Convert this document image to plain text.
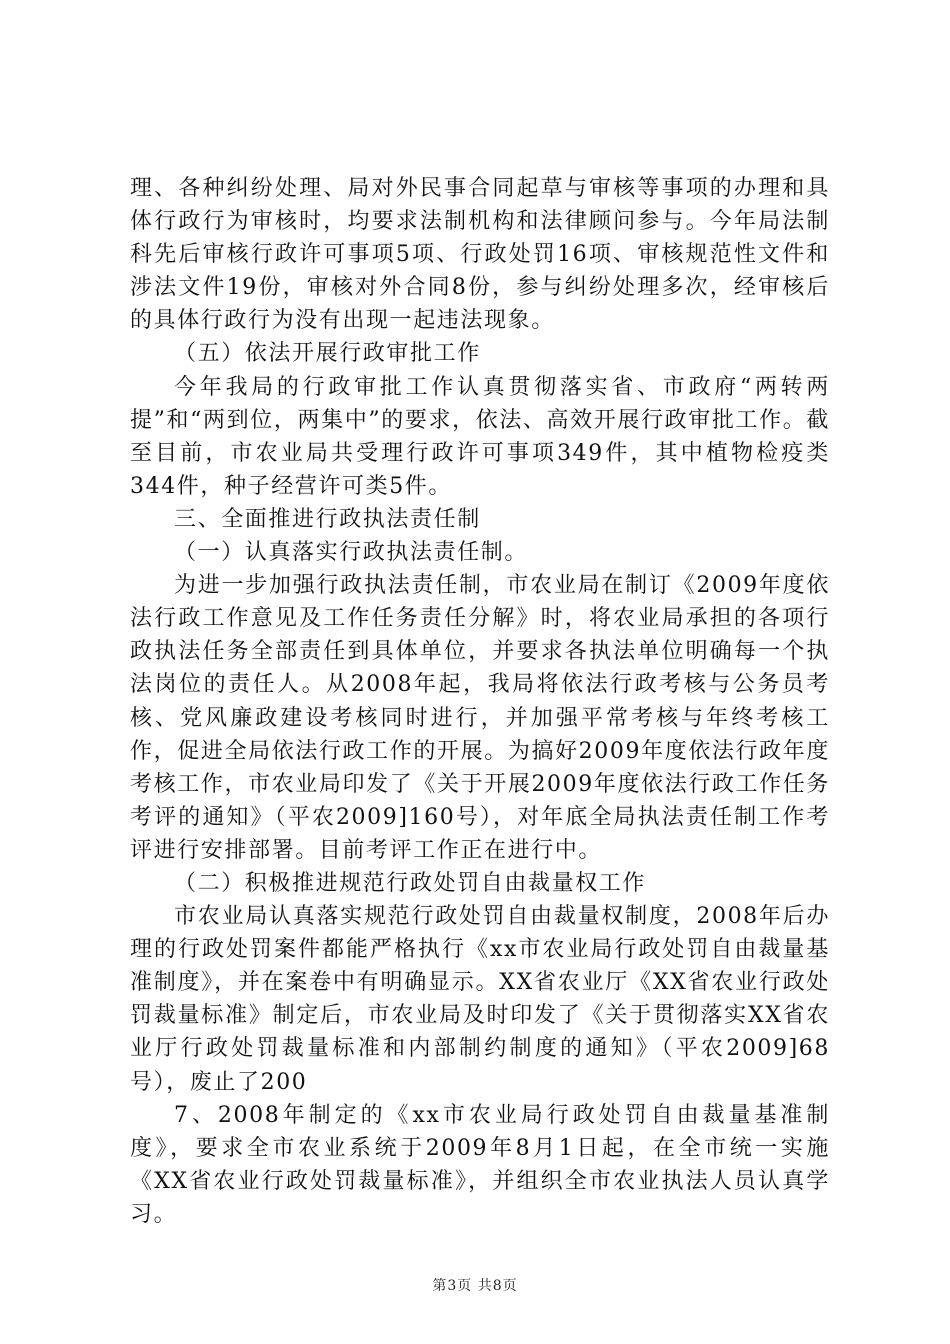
理、各种纠纷处理、局对外民事合同起草与审核等事项的办理和具体行政行为审核时，均要求法制机构和法律顾问参与。今年局法制科先后审核行政许可事项5项、行政处罚16项、审核规范性文件和涉法文件19份，审核对外合同8份，参与纠纷处理多次，经审核后的具体行政行为没有出现一起违法现象。

（五）依法开展行政审批工作

今年我局的行政审批工作认真贯彻落实省、市政府“两转两提”和“两到位，两集中”的要求，依法、高效开展行政审批工作。截至目前，市农业局共受理行政许可事项349件，其中植物检疫类344件，种子经营许可类5件。

三、全面推进行政执法责任制

（一）认真落实行政执法责任制。

为进一步加强行政执法责任制，市农业局在制订《2009年度依法行政工作意见及工作任务责任分解》时，将农业局承担的各项行政执法任务全部责任到具体单位，并要求各执法单位明确每一个执法岗位的责任人。从2008年起，我局将依法行政考核与公务员考核、党风廉政建设考核同时进行，并加强平常考核与年终考核工作，促进全局依法行政工作的开展。为搞好2009年度依法行政年度考核工作，市农业局印发了《关于开展2009年度依法行政工作任务考评的通知》（平农2009]160号），对年底全局执法责任制工作考评进行安排部署。目前考评工作正在进行中。

（二）积极推进规范行政处罚自由裁量权工作

市农业局认真落实规范行政处罚自由裁量权制度，2008年后办理的行政处罚案件都能严格执行《xx市农业局行政处罚自由裁量基准制度》，并在案卷中有明确显示。XX省农业厅《XX省农业行政处罚裁量标准》制定后，市农业局及时印发了《关于贯彻落实XX省农业厅行政处罚裁量标准和内部制约制度的通知》（平农2009]68号），废止了200

7、2008年制定的《xx市农业局行政处罚自由裁量基准制度》，要求全市农业系统于2009年8月1日起，在全市统一实施《XX省农业行政处罚裁量标准》，并组织全市农业执法人员认真学习。

第3页 共8页
